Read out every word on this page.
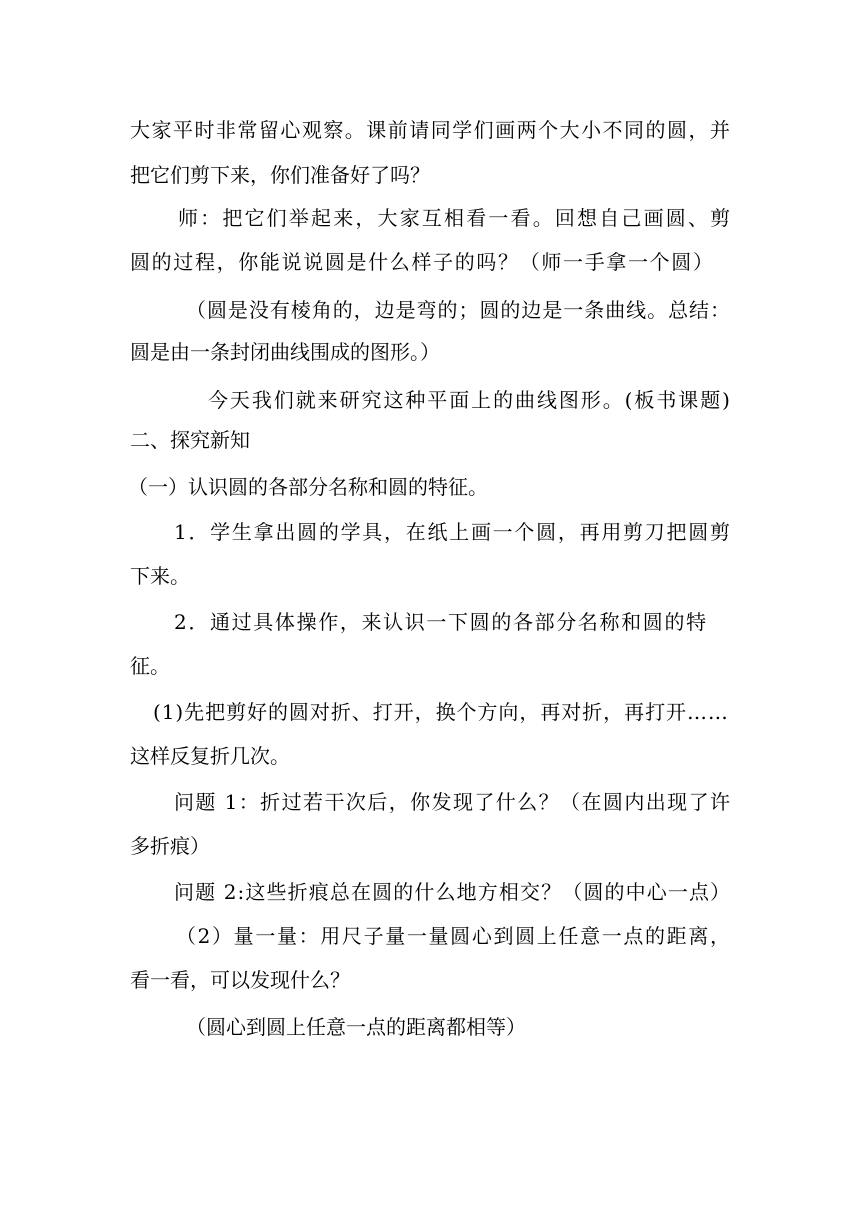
大家平时非常留心观察。课前请同学们画两个大小不同的圆，并
把它们剪下来，你们准备好了吗？
师：把它们举起来，大家互相看一看。回想自己画圆、剪
圆的过程，你能说说圆是什么样子的吗？（师一手拿一个圆）
（圆是没有棱角的，边是弯的；圆的边是一条曲线。总结：
圆是由一条封闭曲线围成的图形。）
今天我们就来研究这种平面上的曲线图形。(板书课题)
二、探究新知
（一）认识圆的各部分名称和圆的特征。
1．学生拿出圆的学具，在纸上画一个圆，再用剪刀把圆剪
下来。
2．通过具体操作，来认识一下圆的各部分名称和圆的特
征。
(1)先把剪好的圆对折、打开，换个方向，再对折，再打开……
这样反复折几次。
问题 1：折过若干次后，你发现了什么？（在圆内出现了许
多折痕）
问题 2:这些折痕总在圆的什么地方相交？（圆的中心一点）
（2）量一量：用尺子量一量圆心到圆上任意一点的距离，
看一看，可以发现什么？
（圆心到圆上任意一点的距离都相等）
